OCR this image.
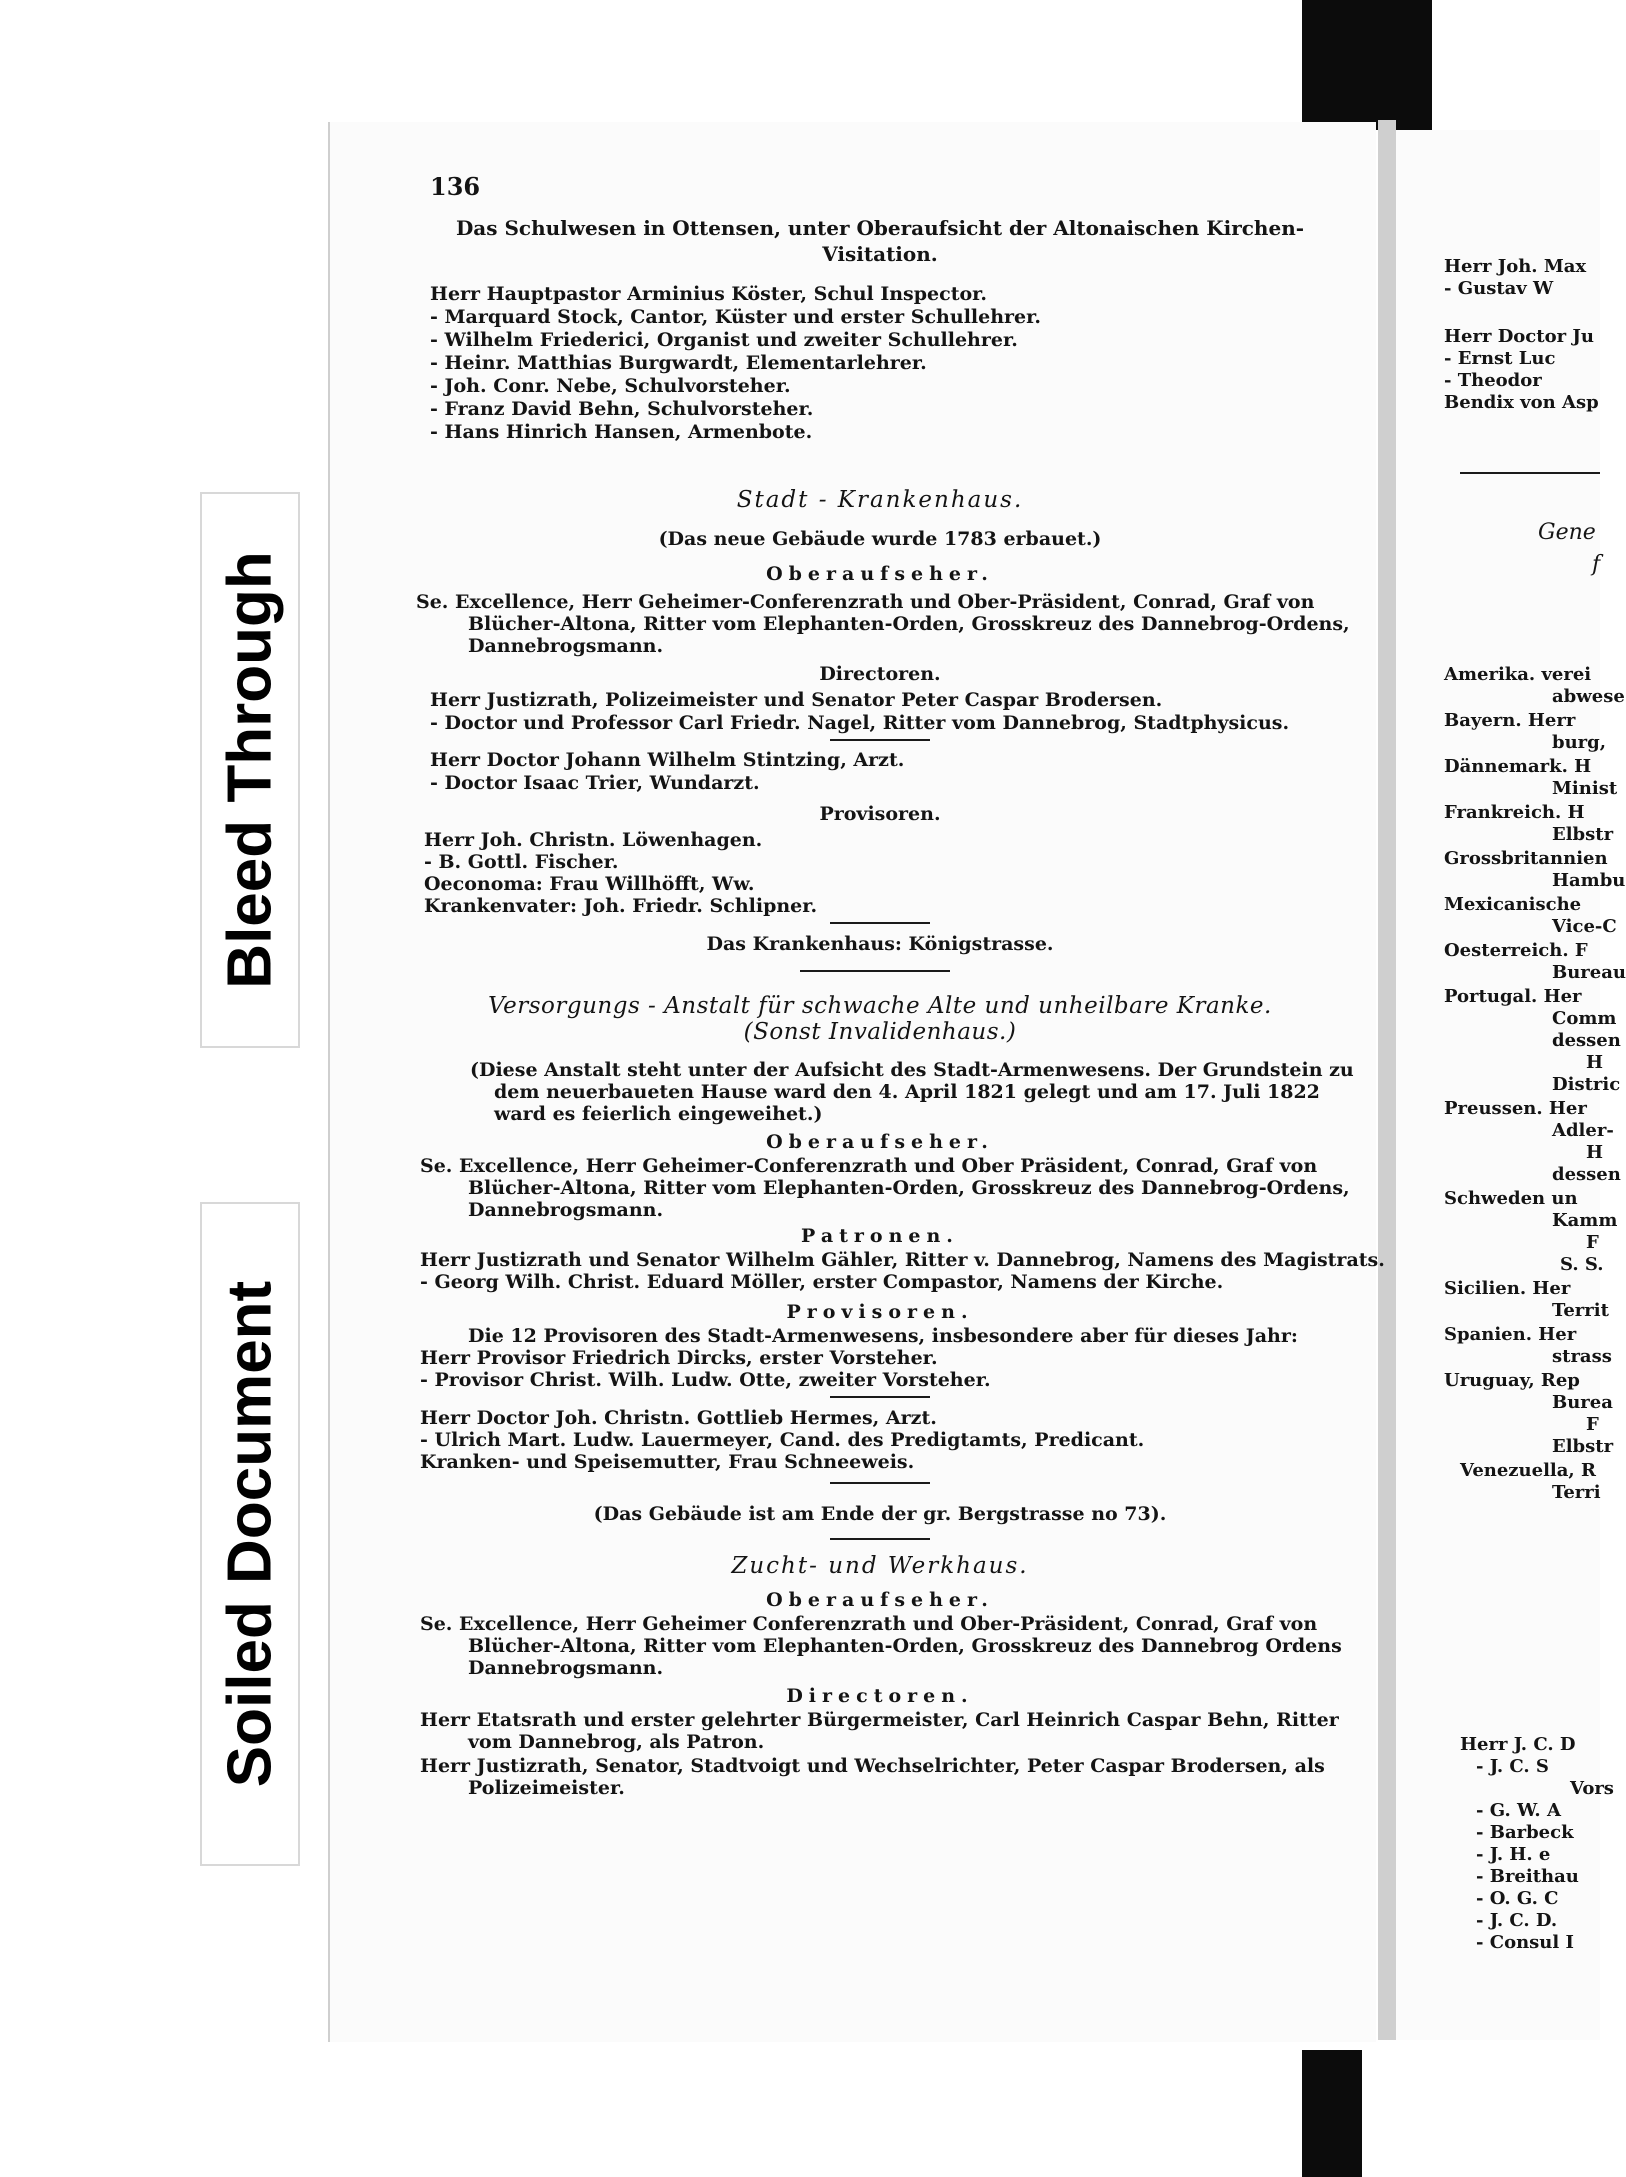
Bleed Through
Soiled Document
136
Das Schulwesen in Ottensen, unter Oberaufsicht der Altonaischen Kirchen-
Visitation.
Herr Hauptpastor Arminius Köster, Schul Inspector.
- Marquard Stock, Cantor, Küster und erster Schullehrer.
- Wilhelm Friedericі, Organist und zweiter Schullehrer.
- Heinr. Matthias Burgwardt, Elementarlehrer.
- Joh. Conr. Nebe, Schulvorsteher.
- Franz David Behn, Schulvorsteher.
- Hans Hinrich Hansen, Armenbote.
Stadt - Krankenhaus.
(Das neue Gebäude wurde 1783 erbauet.)
Oberaufseher.
Se. Excellence, Herr Geheimer-Conferenzrath und Ober-Präsident, Conrad, Graf von
Blücher-Altona, Ritter vom Elephanten-Orden, Grosskreuz des Dannebrog-Ordens,
Dannebrogsmann.
Directoren.
Herr Justizrath, Polizeimeister und Senator Peter Caspar Brodersen.
- Doctor und Professor Carl Friedr. Nagel, Ritter vom Dannebrog, Stadtphysicus.
Herr Doctor Johann Wilhelm Stintzing, Arzt.
- Doctor Isaac Trier, Wundarzt.
Provisoren.
Herr Joh. Christn. Löwenhagen.
- B. Gottl. Fischer.
Oeconoma: Frau Willhöfft, Ww.
Krankenvater: Joh. Friedr. Schlipner.
Das Krankenhaus: Königstrasse.
Versorgungs - Anstalt für schwache Alte und unheilbare Kranke.
(Sonst Invalidenhaus.)
(Diese Anstalt steht unter der Aufsicht des Stadt-Armenwesens. Der Grundstein zu
dem neuerbaueten Hause ward den 4. April 1821 gelegt und am 17. Juli 1822
ward es feierlich eingeweihet.)
Oberaufseher.
Se. Excellence, Herr Geheimer-Conferenzrath und Ober Präsident, Conrad, Graf von
Blücher-Altona, Ritter vom Elephanten-Orden, Grosskreuz des Dannebrog-Ordens,
Dannebrogsmann.
Patronen.
Herr Justizrath und Senator Wilhelm Gähler, Ritter v. Dannebrog, Namens des Magistrats.
- Georg Wilh. Christ. Eduard Möller, erster Compastor, Namens der Kirche.
Provisoren.
Die 12 Provisoren des Stadt-Armenwesens, insbesondere aber für dieses Jahr:
Herr Provisor Friedrich Dircks, erster Vorsteher.
- Provisor Christ. Wilh. Ludw. Otte, zweiter Vorsteher.
Herr Doctor Joh. Christn. Gottlieb Hermes, Arzt.
- Ulrich Mart. Ludw. Lauermeyer, Cand. des Predigtamts, Predicant.
Kranken- und Speisemutter, Frau Schneeweis.
(Das Gebäude ist am Ende der gr. Bergstrasse no 73).
Zucht- und Werkhaus.
Oberaufseher.
Se. Excellence, Herr Geheimer Conferenzrath und Ober-Präsident, Conrad, Graf von
Blücher-Altona, Ritter vom Elephanten-Orden, Grosskreuz des Dannebrog Ordens
Dannebrogsmann.
Directoren.
Herr Etatsrath und erster gelehrter Bürgermeister, Carl Heinrich Caspar Behn, Ritter
vom Dannebrog, als Patron.
Herr Justizrath, Senator, Stadtvoigt und Wechselrichter, Peter Caspar Brodersen, als
Polizeimeister.
Herr Joh. Max
- Gustav W
Herr Doctor Ju
- Ernst Luc
- Theodor
Bendix von Asp
Gene
f
Amerika. verei
abwese
Bayern. Herr
burg,
Dännemark. H
Minist
Frankreich. H
Elbstr
Grossbritannien
Hambu
Mexicanische
Vice-C
Oesterreich. F
Bureau
Portugal. Her
Comm
dessen
H
Distric
Preussen. Her
Adler-
H
dessen
Schweden un
Kamm
F
S. S.
Sicilien. Her
Territ
Spanien. Her
strass
Uruguay, Rep
Burea
F
Elbstr
Venezuella, R
Terri
Herr J. C. D
- J. C. S
Vors
- G. W. A
- Barbeck
- J. H. e
- Breithau
- O. G. C
- J. C. D.
- Consul I
